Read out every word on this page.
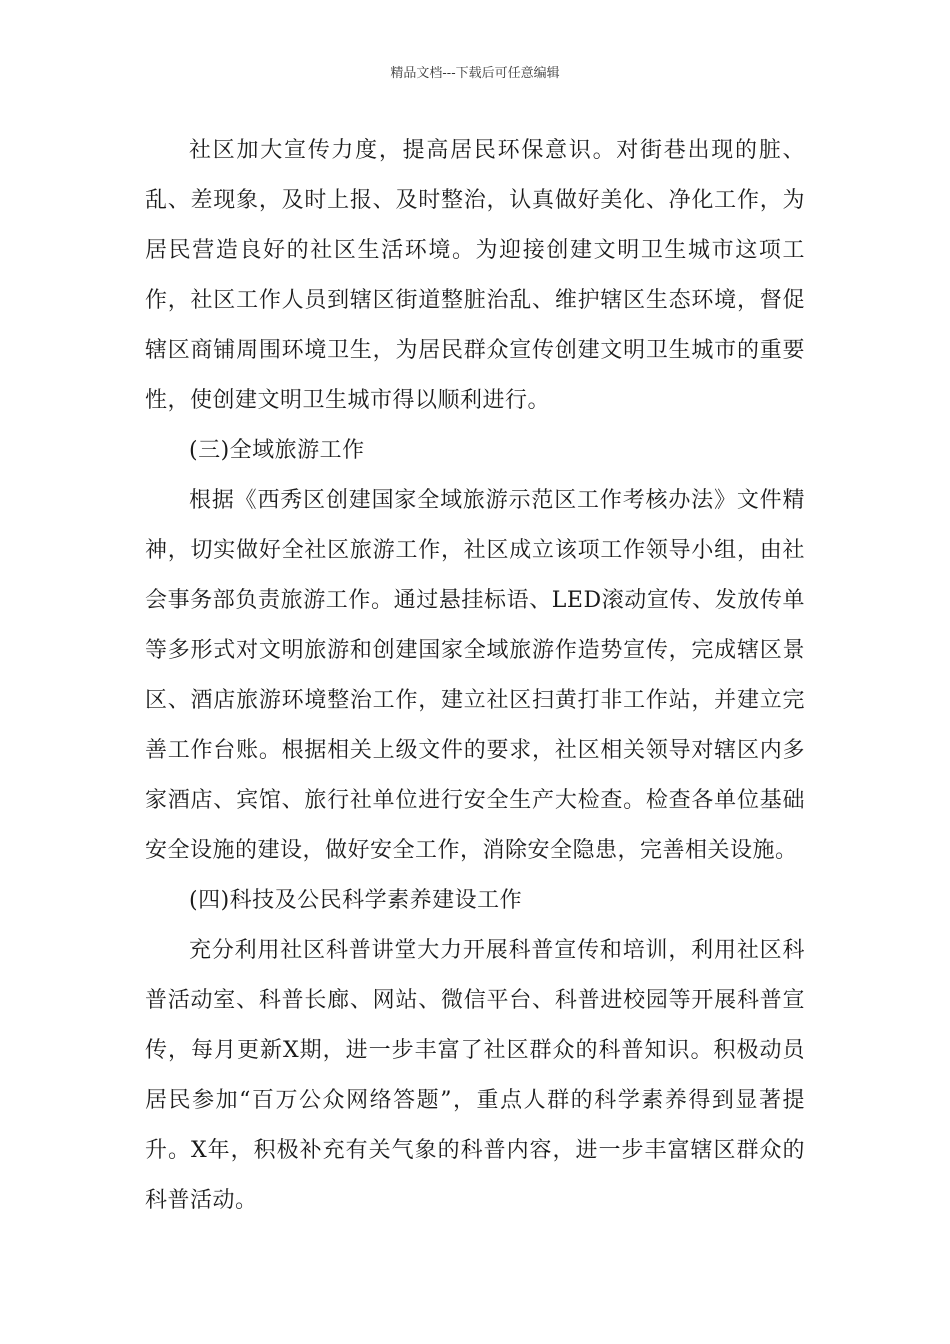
精品文档---下载后可任意编辑

社区加大宣传力度，提高居民环保意识。对街巷出现的脏、乱、差现象，及时上报、及时整治，认真做好美化、净化工作，为居民营造良好的社区生活环境。为迎接创建文明卫生城市这项工作，社区工作人员到辖区街道整脏治乱、维护辖区生态环境，督促辖区商铺周围环境卫生，为居民群众宣传创建文明卫生城市的重要性，使创建文明卫生城市得以顺利进行。

(三)全域旅游工作

根据《西秀区创建国家全域旅游示范区工作考核办法》文件精神，切实做好全社区旅游工作，社区成立该项工作领导小组，由社会事务部负责旅游工作。通过悬挂标语、LED滚动宣传、发放传单等多形式对文明旅游和创建国家全域旅游作造势宣传，完成辖区景区、酒店旅游环境整治工作，建立社区扫黄打非工作站，并建立完善工作台账。根据相关上级文件的要求，社区相关领导对辖区内多家酒店、宾馆、旅行社单位进行安全生产大检查。检查各单位基础安全设施的建设，做好安全工作，消除安全隐患，完善相关设施。

(四)科技及公民科学素养建设工作

充分利用社区科普讲堂大力开展科普宣传和培训，利用社区科普活动室、科普长廊、网站、微信平台、科普进校园等开展科普宣传，每月更新X期，进一步丰富了社区群众的科普知识。积极动员居民参加“百万公众网络答题”，重点人群的科学素养得到显著提升。X年，积极补充有关气象的科普内容，进一步丰富辖区群众的科普活动。
